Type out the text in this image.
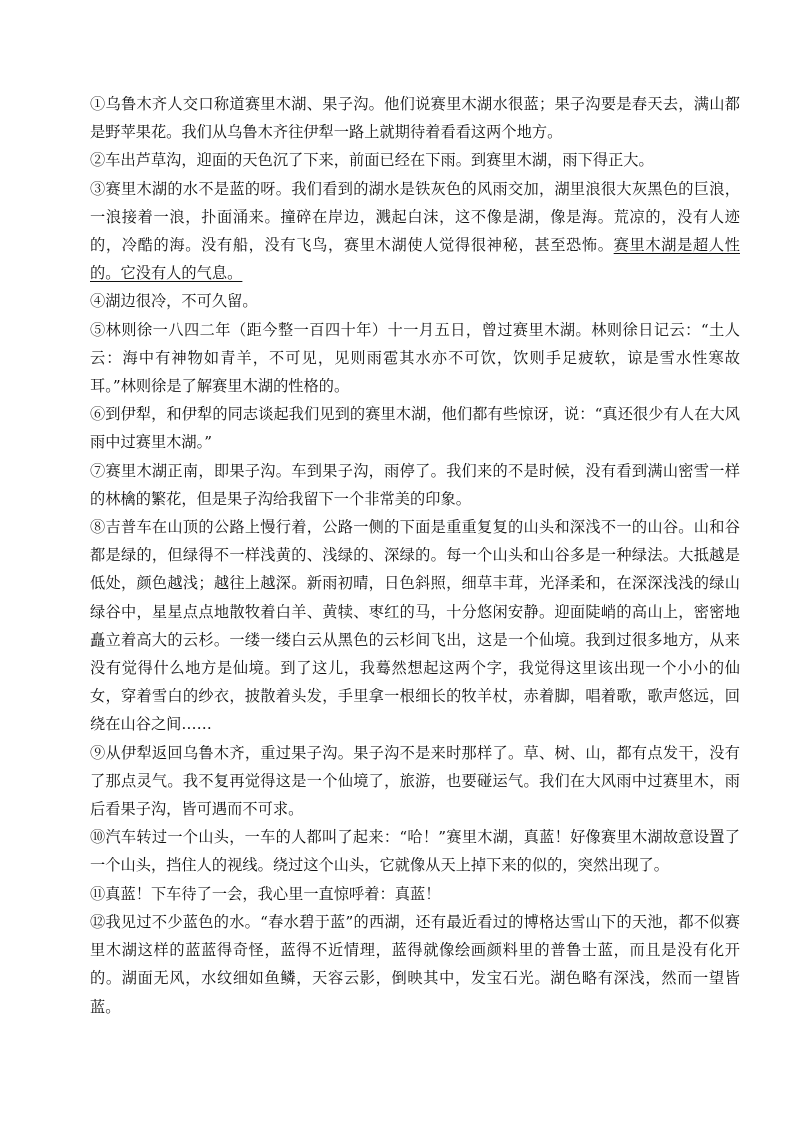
①乌鲁木齐人交口称道赛里木湖、果子沟。他们说赛里木湖水很蓝；果子沟要是春天去，满山都是野苹果花。我们从乌鲁木齐往伊犁一路上就期待着看看这两个地方。

②车出芦草沟，迎面的天色沉了下来，前面已经在下雨。到赛里木湖，雨下得正大。

③赛里木湖的水不是蓝的呀。我们看到的湖水是铁灰色的风雨交加，湖里浪很大灰黑色的巨浪，一浪接着一浪，扑面涌来。撞碎在岸边，溅起白沫，这不像是湖，像是海。荒凉的，没有人迹的，冷酷的海。没有船，没有飞鸟，赛里木湖使人觉得很神秘，甚至恐怖。赛里木湖是超人性的。它没有人的气息。

④湖边很冷，不可久留。

⑤林则徐一八四二年（距今整一百四十年）十一月五日，曾过赛里木湖。林则徐日记云：“土人云：海中有神物如青羊，不可见，见则雨雹其水亦不可饮，饮则手足疲软，谅是雪水性寒故耳。”林则徐是了解赛里木湖的性格的。

⑥到伊犁，和伊犁的同志谈起我们见到的赛里木湖，他们都有些惊讶，说：“真还很少有人在大风雨中过赛里木湖。”

⑦赛里木湖正南，即果子沟。车到果子沟，雨停了。我们来的不是时候，没有看到满山密雪一样的林檎的繁花，但是果子沟给我留下一个非常美的印象。

⑧吉普车在山顶的公路上慢行着，公路一侧的下面是重重复复的山头和深浅不一的山谷。山和谷都是绿的，但绿得不一样浅黄的、浅绿的、深绿的。每一个山头和山谷多是一种绿法。大抵越是低处，颜色越浅；越往上越深。新雨初晴，日色斜照，细草丰茸，光泽柔和，在深深浅浅的绿山绿谷中，星星点点地散牧着白羊、黄犊、枣红的马，十分悠闲安静。迎面陡峭的高山上，密密地矗立着高大的云杉。一缕一缕白云从黑色的云杉间飞出，这是一个仙境。我到过很多地方，从来没有觉得什么地方是仙境。到了这儿，我蓦然想起这两个字，我觉得这里该出现一个小小的仙女，穿着雪白的纱衣，披散着头发，手里拿一根细长的牧羊杖，赤着脚，唱着歌，歌声悠远，回绕在山谷之间……

⑨从伊犁返回乌鲁木齐，重过果子沟。果子沟不是来时那样了。草、树、山，都有点发干，没有了那点灵气。我不复再觉得这是一个仙境了，旅游，也要碰运气。我们在大风雨中过赛里木，雨后看果子沟，皆可遇而不可求。

⑩汽车转过一个山头，一车的人都叫了起来：“哈！”赛里木湖，真蓝！好像赛里木湖故意设置了一个山头，挡住人的视线。绕过这个山头，它就像从天上掉下来的似的，突然出现了。

⑪真蓝！下车待了一会，我心里一直惊呼着：真蓝！

⑫我见过不少蓝色的水。“春水碧于蓝”的西湖，还有最近看过的博格达雪山下的天池，都不似赛里木湖这样的蓝蓝得奇怪，蓝得不近情理，蓝得就像绘画颜料里的普鲁士蓝，而且是没有化开的。湖面无风，水纹细如鱼鳞，天容云影，倒映其中，发宝石光。湖色略有深浅，然而一望皆蓝。
